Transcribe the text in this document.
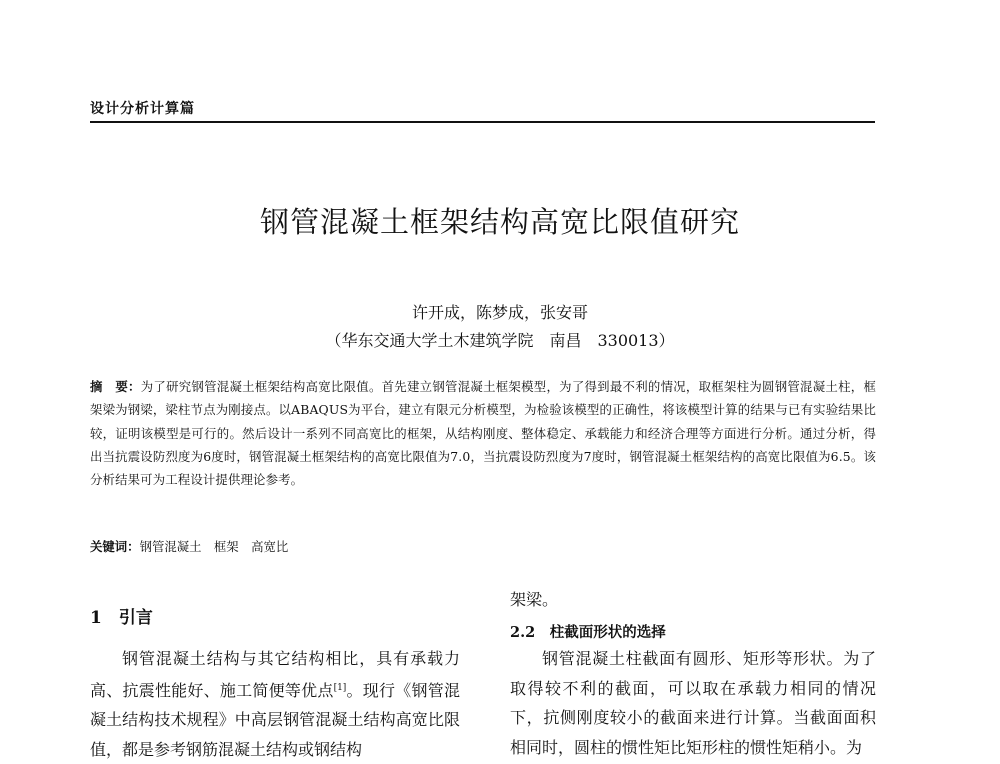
设计分析计算篇
钢管混凝土框架结构高宽比限值研究
许开成，陈梦成，张安哥
（华东交通大学土木建筑学院　南昌　330013）
摘　要：为了研究钢管混凝土框架结构高宽比限值。首先建立钢管混凝土框架模型，为了得到最不利的情况，取框架柱为圆钢管混凝土柱，框架梁为钢梁，梁柱节点为刚接点。以ABAQUS为平台，建立有限元分析模型，为检验该模型的正确性，将该模型计算的结果与已有实验结果比较，证明该模型是可行的。然后设计一系列不同高宽比的框架，从结构刚度、整体稳定、承载能力和经济合理等方面进行分析。通过分析，得出当抗震设防烈度为6度时，钢管混凝土框架结构的高宽比限值为7.0，当抗震设防烈度为7度时，钢管混凝土框架结构的高宽比限值为6.5。该分析结果可为工程设计提供理论参考。
关键词：钢管混凝土　框架　高宽比
1　引言

钢管混凝土结构与其它结构相比，具有承载力高、抗震性能好、施工简便等优点[1]。现行《钢管混凝土结构技术规程》中高层钢管混凝土结构高宽比限值，都是参考钢筋混凝土结构或钢结构

架梁。
2.2　柱截面形状的选择

钢管混凝土柱截面有圆形、矩形等形状。为了取得较不利的截面，可以取在承载力相同的情况下，抗侧刚度较小的截面来进行计算。当截面面积相同时，圆柱的惯性矩比矩形柱的惯性矩稍小。为
